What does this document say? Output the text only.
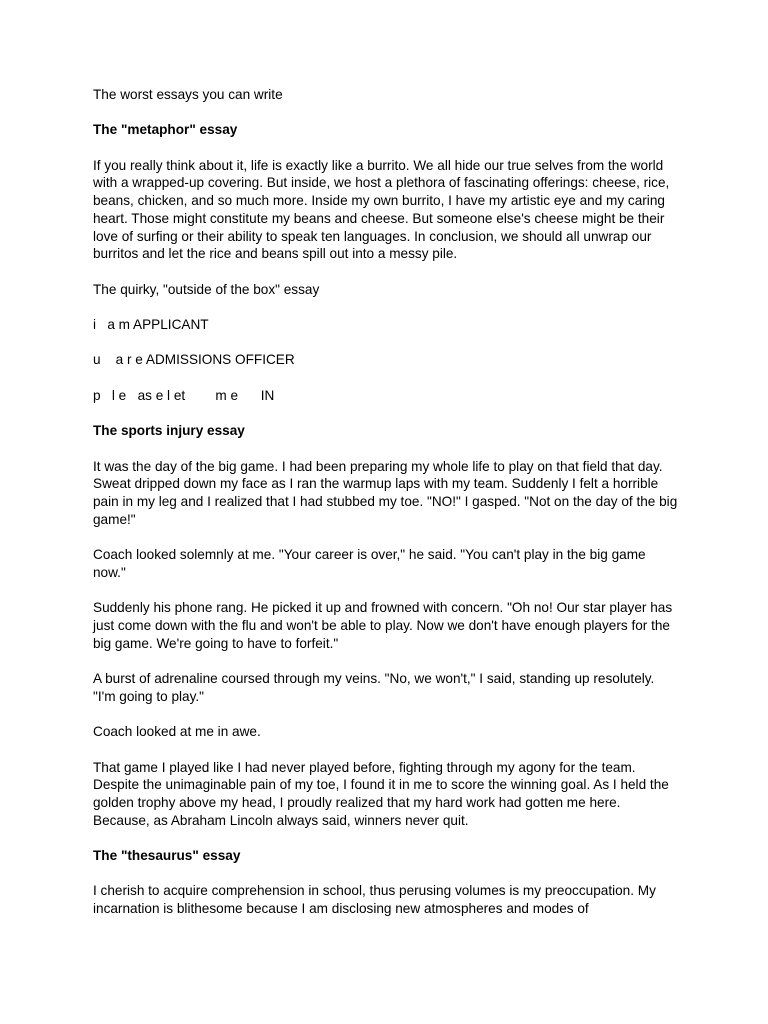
The worst essays you can write

The "metaphor" essay

If you really think about it, life is exactly like a burrito. We all hide our true selves from the world with a wrapped-up covering. But inside, we host a plethora of fascinating offerings: cheese, rice, beans, chicken, and so much more. Inside my own burrito, I have my artistic eye and my caring heart. Those might constitute my beans and cheese. But someone else's cheese might be their love of surfing or their ability to speak ten languages. In conclusion, we should all unwrap our burritos and let the rice and beans spill out into a messy pile.

The quirky, "outside of the box" essay

i   a m APPLICANT

u    a r e ADMISSIONS OFFICER

p   l e   as e l et        m e      IN

The sports injury essay

It was the day of the big game. I had been preparing my whole life to play on that field that day. Sweat dripped down my face as I ran the warmup laps with my team. Suddenly I felt a horrible pain in my leg and I realized that I had stubbed my toe. "NO!" I gasped. "Not on the day of the big game!"

Coach looked solemnly at me. "Your career is over," he said. "You can't play in the big game now."

Suddenly his phone rang. He picked it up and frowned with concern. "Oh no! Our star player has just come down with the flu and won't be able to play. Now we don't have enough players for the big game. We're going to have to forfeit."

A burst of adrenaline coursed through my veins. "No, we won't," I said, standing up resolutely. "I'm going to play."

Coach looked at me in awe.

That game I played like I had never played before, fighting through my agony for the team. Despite the unimaginable pain of my toe, I found it in me to score the winning goal. As I held the golden trophy above my head, I proudly realized that my hard work had gotten me here. Because, as Abraham Lincoln always said, winners never quit.

The "thesaurus" essay

I cherish to acquire comprehension in school, thus perusing volumes is my preoccupation. My incarnation is blithesome because I am disclosing new atmospheres and modes of
